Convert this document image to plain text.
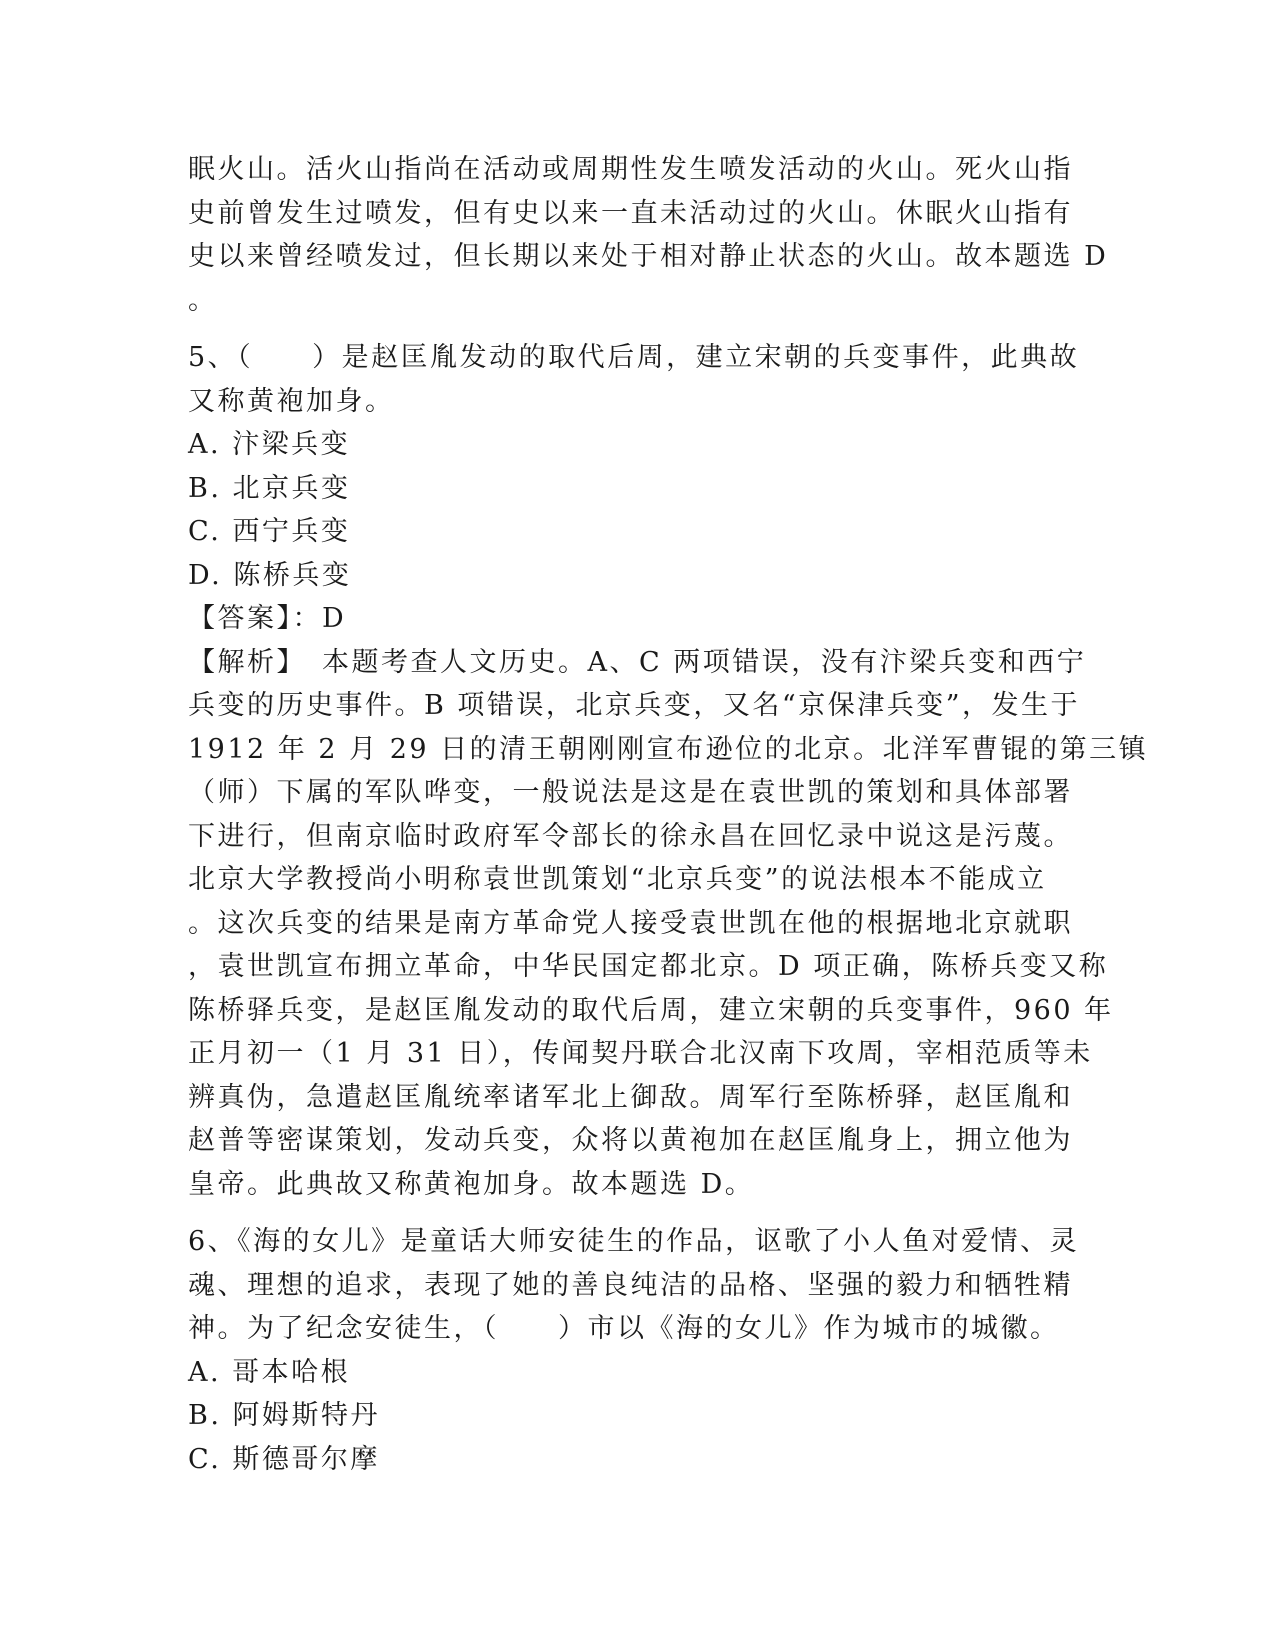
眠火山。活火山指尚在活动或周期性发生喷发活动的火山。死火山指
史前曾发生过喷发，但有史以来一直未活动过的火山。休眠火山指有
史以来曾经喷发过，但长期以来处于相对静止状态的火山。故本题选 D
。
5、（　　）是赵匡胤发动的取代后周，建立宋朝的兵变事件，此典故
又称黄袍加身。
A. 汴梁兵变
B. 北京兵变
C. 西宁兵变
D. 陈桥兵变
【答案】：D
【解析】　本题考查人文历史。A、C 两项错误，没有汴梁兵变和西宁
兵变的历史事件。B 项错误，北京兵变，又名“京保津兵变”，发生于
1912 年 2 月 29 日的清王朝刚刚宣布逊位的北京。北洋军曹锟的第三镇
（师）下属的军队哗变，一般说法是这是在袁世凯的策划和具体部署
下进行，但南京临时政府军令部长的徐永昌在回忆录中说这是污蔑。
北京大学教授尚小明称袁世凯策划“北京兵变”的说法根本不能成立
。这次兵变的结果是南方革命党人接受袁世凯在他的根据地北京就职
，袁世凯宣布拥立革命，中华民国定都北京。D 项正确，陈桥兵变又称
陈桥驿兵变，是赵匡胤发动的取代后周，建立宋朝的兵变事件，960 年
正月初一（1 月 31 日），传闻契丹联合北汉南下攻周，宰相范质等未
辨真伪，急遣赵匡胤统率诸军北上御敌。周军行至陈桥驿，赵匡胤和
赵普等密谋策划，发动兵变，众将以黄袍加在赵匡胤身上，拥立他为
皇帝。此典故又称黄袍加身。故本题选 D。
6、《海的女儿》是童话大师安徒生的作品，讴歌了小人鱼对爱情、灵
魂、理想的追求，表现了她的善良纯洁的品格、坚强的毅力和牺牲精
神。为了纪念安徒生，（　　）市以《海的女儿》作为城市的城徽。
A. 哥本哈根
B. 阿姆斯特丹
C. 斯德哥尔摩
